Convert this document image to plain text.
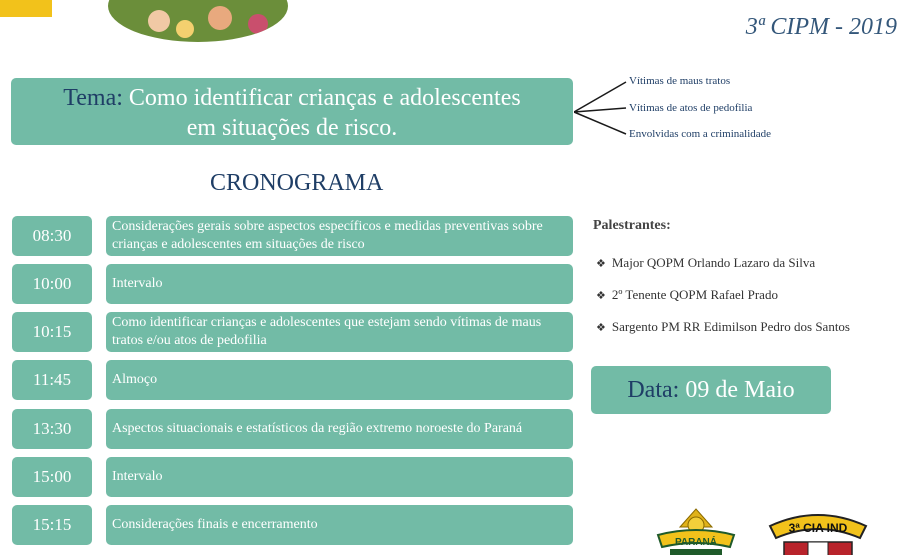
3ª CIPM - 2019
Tema: Como identificar crianças e adolescentes
em situações de risco.
Vítimas de maus tratos
Vítimas de atos de pedofilia
Envolvidas com a criminalidade
CRONOGRAMA
08:30	Considerações gerais sobre aspectos específicos e medidas preventivas sobre crianças e adolescentes em situações de risco
10:00	Intervalo
10:15	Como identificar crianças e adolescentes que estejam sendo vítimas de maus tratos e/ou atos de pedofilia
11:45	Almoço
13:30	Aspectos situacionais e estatísticos da região extremo noroeste do Paraná
15:00	Intervalo
15:15	Considerações finais e encerramento
Palestrantes:
❖ Major QOPM Orlando Lazaro da Silva
❖ 2º Tenente QOPM Rafael Prado
❖ Sargento PM RR Edimilson Pedro dos Santos
Data: 09 de Maio
PARANÁ
3ª CIA IND
